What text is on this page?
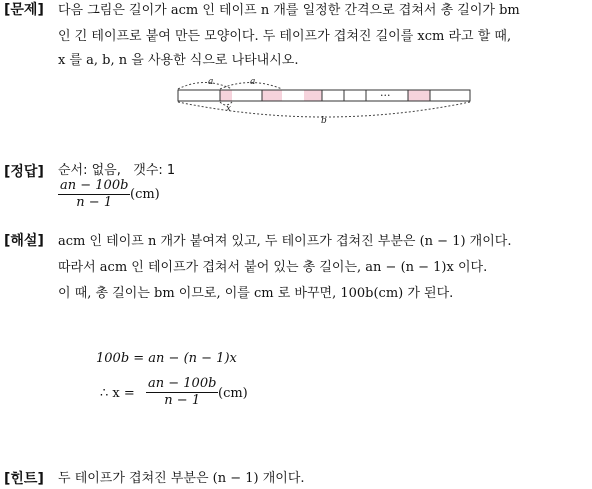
[문제]
[정답]
[해설]
[힌트]
다음 그림은 길이가 acm 인 테이프 n 개를 일정한 간격으로 겹쳐서 총 길이가 bm
인 긴 테이프로 붙여 만든 모양이다. 두 테이프가 겹쳐진 길이를 xcm 라고 할 때,
x 를 a, b, n 을 사용한 식으로 나타내시오.
···
a	a
x
b
순서: 없음, 갯수: 1
$\frac{an - 100b}{n - 1} (cm)$
acm 인 테이프 n 개가 붙여져 있고, 두 테이프가 겹쳐진 부분은 (n − 1) 개이다.
따라서 acm 인 테이프가 겹쳐서 붙어 있는 총 길이는, an − (n − 1)x 이다.
이 때, 총 길이는 bm 이므로, 이를 cm 로 바꾸면, 100b(cm) 가 된다.
100b = an − (n − 1)x
∴ $x = \frac{an - 100b}{n - 1} (cm)$
두 테이프가 겹쳐진 부분은 (n − 1) 개이다.
